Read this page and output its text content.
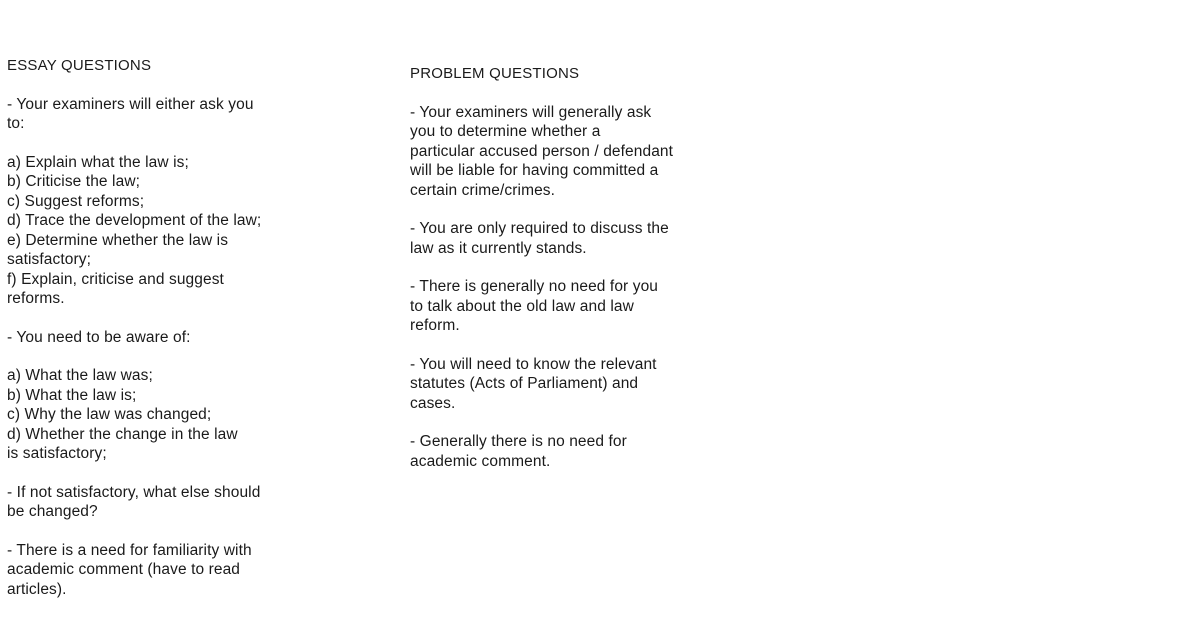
ESSAY QUESTIONS
- Your examiners will either ask you
to:
a) Explain what the law is;
b) Criticise the law;
c) Suggest reforms;
d) Trace the development of the law;
e) Determine whether the law is
satisfactory;
f) Explain, criticise and suggest
reforms.
- You need to be aware of:
a) What the law was;
b) What the law is;
c) Why the law was changed;
d) Whether the change in the law
is satisfactory;
- If not satisfactory, what else should
be changed?
- There is a need for familiarity with
academic comment (have to read
articles).
PROBLEM QUESTIONS
- Your examiners will generally ask
you to determine whether a
particular accused person / defendant
will be liable for having committed a
certain crime/crimes.
- You are only required to discuss the
law as it currently stands.
- There is generally no need for you
to talk about the old law and law
reform.
- You will need to know the relevant
statutes (Acts of Parliament) and
cases.
- Generally there is no need for
academic comment.
